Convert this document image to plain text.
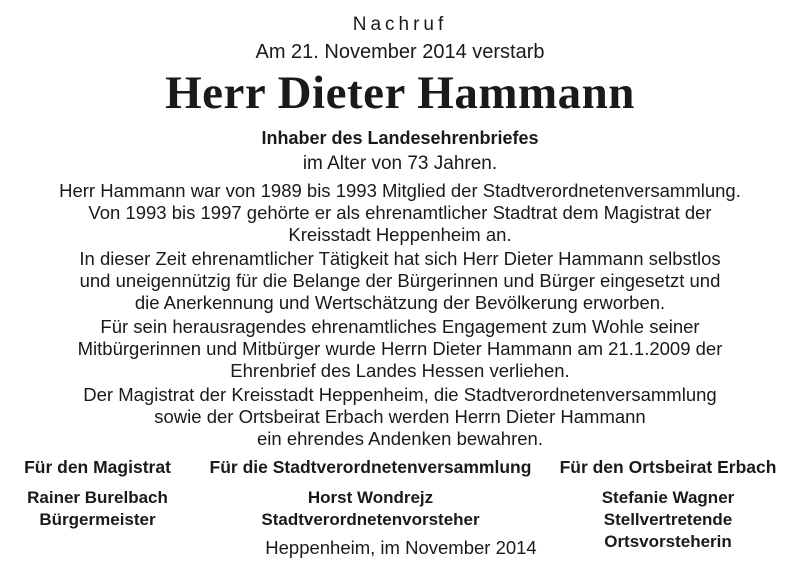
Nachruf
Am 21. November 2014 verstarb
Herr Dieter Hammann
Inhaber des Landesehrenbriefes
im Alter von 73 Jahren.
Herr Hammann war von 1989 bis 1993 Mitglied der Stadtverordnetenversammlung.
Von 1993 bis 1997 gehörte er als ehrenamtlicher Stadtrat dem Magistrat der
Kreisstadt Heppenheim an.
In dieser Zeit ehrenamtlicher Tätigkeit hat sich Herr Dieter Hammann selbstlos
und uneigennützig für die Belange der Bürgerinnen und Bürger eingesetzt und
die Anerkennung und Wertschätzung der Bevölkerung erworben.
Für sein herausragendes ehrenamtliches Engagement zum Wohle seiner
Mitbürgerinnen und Mitbürger wurde Herrn Dieter Hammann am 21.1.2009 der
Ehrenbrief des Landes Hessen verliehen.
Der Magistrat der Kreisstadt Heppenheim, die Stadtverordnetenversammlung
sowie der Ortsbeirat Erbach werden Herrn Dieter Hammann
ein ehrendes Andenken bewahren.
Für den Magistrat
Rainer Burelbach
Bürgermeister
Für die Stadtverordnetenversammlung
Horst Wondrejz
Stadtverordnetenvorsteher
Für den Ortsbeirat Erbach
Stefanie Wagner
Stellvertretende
Ortsvorsteherin
Heppenheim, im November 2014
